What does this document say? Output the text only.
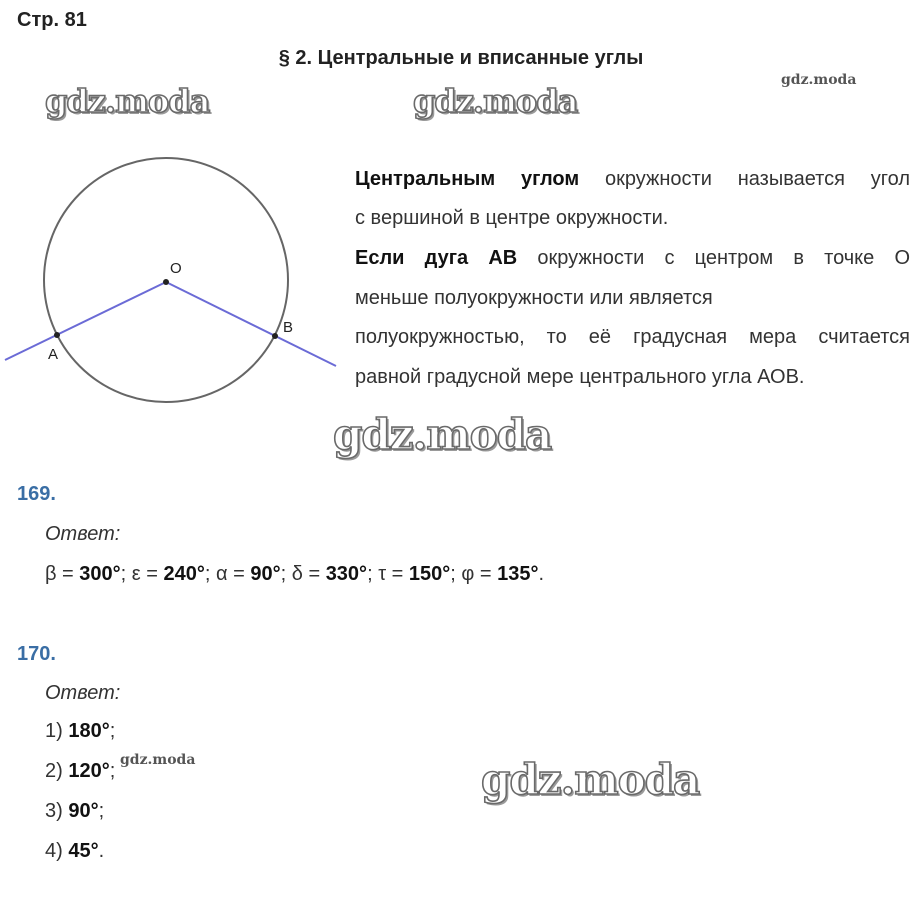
Стр. 81
§ 2. Центральные и вписанные углы
gdz.moda	gdz.moda
gdz.moda
gdz.moda
gdz.moda	gdz.moda
O
A
B
Центральным углом окружности называется угол
с вершиной в центре окружности.
Если дуга АВ окружности с центром в точке О
меньше полуокружности или является
полуокружностью, то её градусная мера считается
равной градусной мере центрального угла АОВ.
169.
Ответ:
β = 300°; ε = 240°; α = 90°; δ = 330°; τ = 150°; φ = 135°.
170.
Ответ:
1) 180°;
2) 120°;
3) 90°;
4) 45°.
